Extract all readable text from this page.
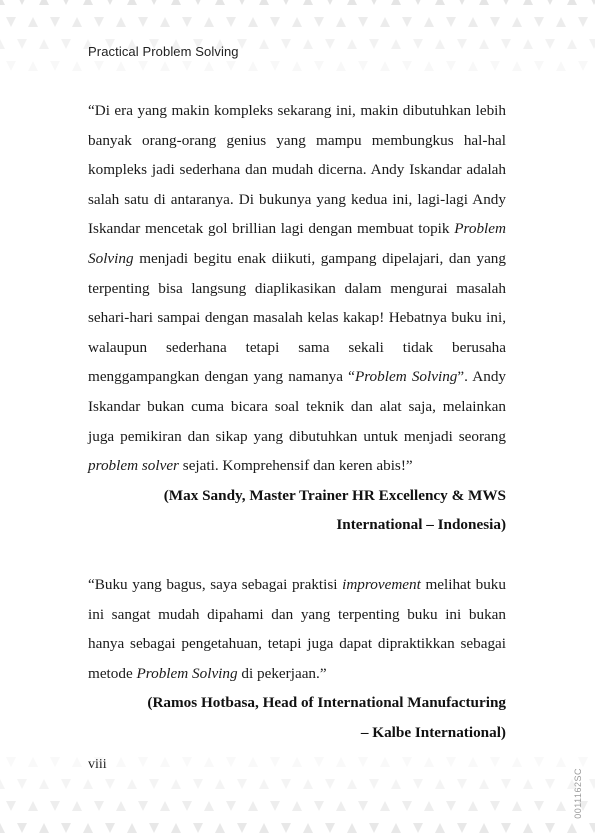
Practical Problem Solving

“Di era yang makin kompleks sekarang ini, makin dibutuhkan lebih banyak orang-orang genius yang mampu membungkus hal-hal kompleks jadi sederhana dan mudah dicerna. Andy Iskandar adalah salah satu di antaranya. Di bukunya yang kedua ini, lagi-lagi Andy Iskandar mencetak gol brillian lagi dengan membuat topik Problem Solving menjadi begitu enak diikuti, gampang dipelajari, dan yang terpenting bisa langsung diaplikasikan dalam mengurai masalah sehari-hari sampai dengan masalah kelas kakap! Hebatnya buku ini, walaupun sederhana tetapi sama sekali tidak berusaha menggampangkan dengan yang namanya “Problem Solving”. Andy Iskandar bukan cuma bicara soal teknik dan alat saja, melainkan juga pemikiran dan sikap yang dibutuhkan untuk menjadi seorang problem solver sejati. Komprehensif dan keren abis!”

(Max Sandy, Master Trainer HR Excellency & MWS
International – Indonesia)

“Buku yang bagus, saya sebagai praktisi improvement melihat buku ini sangat mudah dipahami dan yang terpenting buku ini bukan hanya sebagai pengetahuan, tetapi juga dapat dipraktikkan sebagai metode Problem Solving di pekerjaan.”

(Ramos Hotbasa, Head of International Manufacturing
– Kalbe International)

viii
0011162SC
